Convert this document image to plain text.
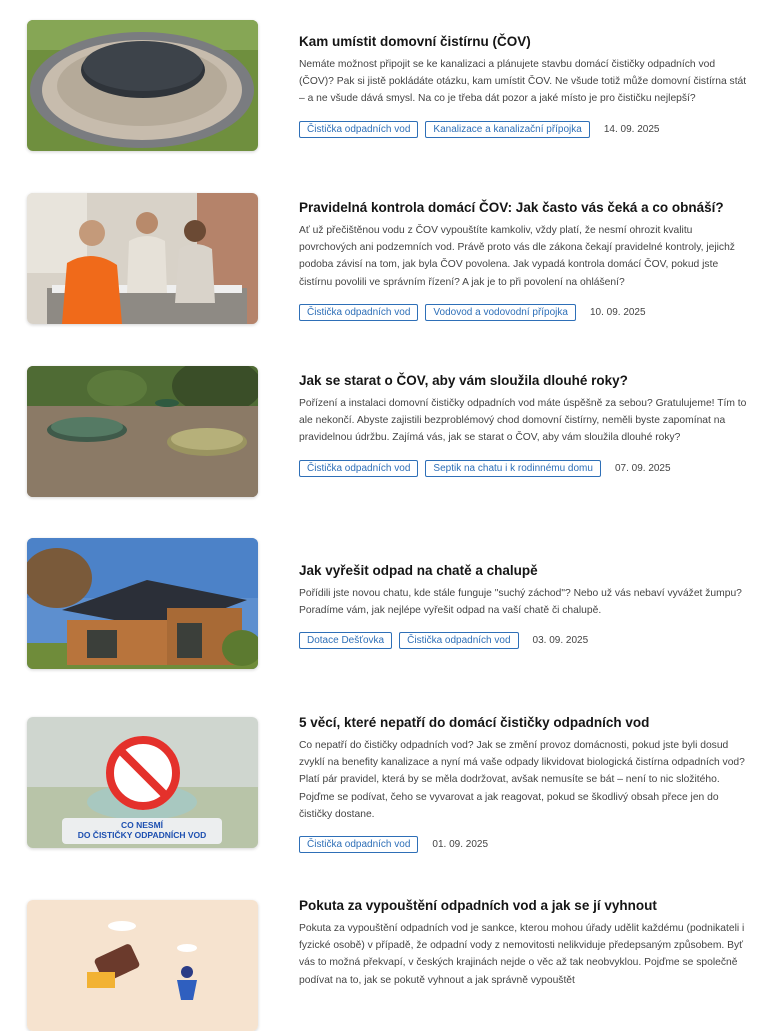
Kam umístit domovní čistírnu (ČOV)

Nemáte možnost připojit se ke kanalizaci a plánujete stavbu domácí čističky odpadních vod (ČOV)? Pak si jistě pokládáte otázku, kam umístit ČOV. Ne všude totiž může domovní čistírna stát – a ne všude dává smysl. Na co je třeba dát pozor a jaké místo je pro čističku nejlepší?

Čistička odpadních vod	Kanalizace a kanalizační přípojka	14. 09. 2025
Pravidelná kontrola domácí ČOV: Jak často vás čeká a co obnáší?

Ať už přečištěnou vodu z ČOV vypouštíte kamkoliv, vždy platí, že nesmí ohrozit kvalitu povrchových ani podzemních vod. Právě proto vás dle zákona čekají pravidelné kontroly, jejichž podoba závisí na tom, jak byla ČOV povolena. Jak vypadá kontrola domácí ČOV, pokud jste čistírnu povolili ve správním řízení? A jak je to při povolení na ohlášení?

Čistička odpadních vod	Vodovod a vodovodní přípojka	10. 09. 2025
Jak se starat o ČOV, aby vám sloužila dlouhé roky?

Pořízení a instalaci domovní čističky odpadních vod máte úspěšně za sebou? Gratulujeme! Tím to ale nekončí. Abyste zajistili bezproblémový chod domovní čistírny, neměli byste zapomínat na pravidelnou údržbu. Zajímá vás, jak se starat o ČOV, aby vám sloužila dlouhé roky?

Čistička odpadních vod	Septik na chatu i k rodinnému domu	07. 09. 2025
Jak vyřešit odpad na chatě a chalupě

Pořídili jste novou chatu, kde stále funguje "suchý záchod"? Nebo už vás nebaví vyvážet žumpu? Poradíme vám, jak nejlépe vyřešit odpad na vaší chatě či chalupě.

Dotace Dešťovka	Čistička odpadních vod	03. 09. 2025
CO NESMÍ
DO ČISTIČKY ODPADNÍCH VOD
5 věcí, které nepatří do domácí čističky odpadních vod

Co nepatří do čističky odpadních vod? Jak se změní provoz domácnosti, pokud jste byli dosud zvyklí na benefity kanalizace a nyní má vaše odpady likvidovat biologická čistírna odpadních vod? Platí pár pravidel, která by se měla dodržovat, avšak nemusíte se bát – není to nic složitého. Pojďme se podívat, čeho se vyvarovat a jak reagovat, pokud se škodlivý obsah přece jen do čističky dostane.

Čistička odpadních vod	01. 09. 2025
Pokuta za vypouštění odpadních vod a jak se jí vyhnout

Pokuta za vypouštění odpadních vod je sankce, kterou mohou úřady udělit každému (podnikateli i fyzické osobě) v případě, že odpadní vody z nemovitosti nelikviduje předepsaným způsobem. Byť vás to možná překvapí, v českých krajinách nejde o věc až tak neobvyklou. Pojďme se společně podívat na to, jak se pokutě vyhnout a jak správně vypouštět
